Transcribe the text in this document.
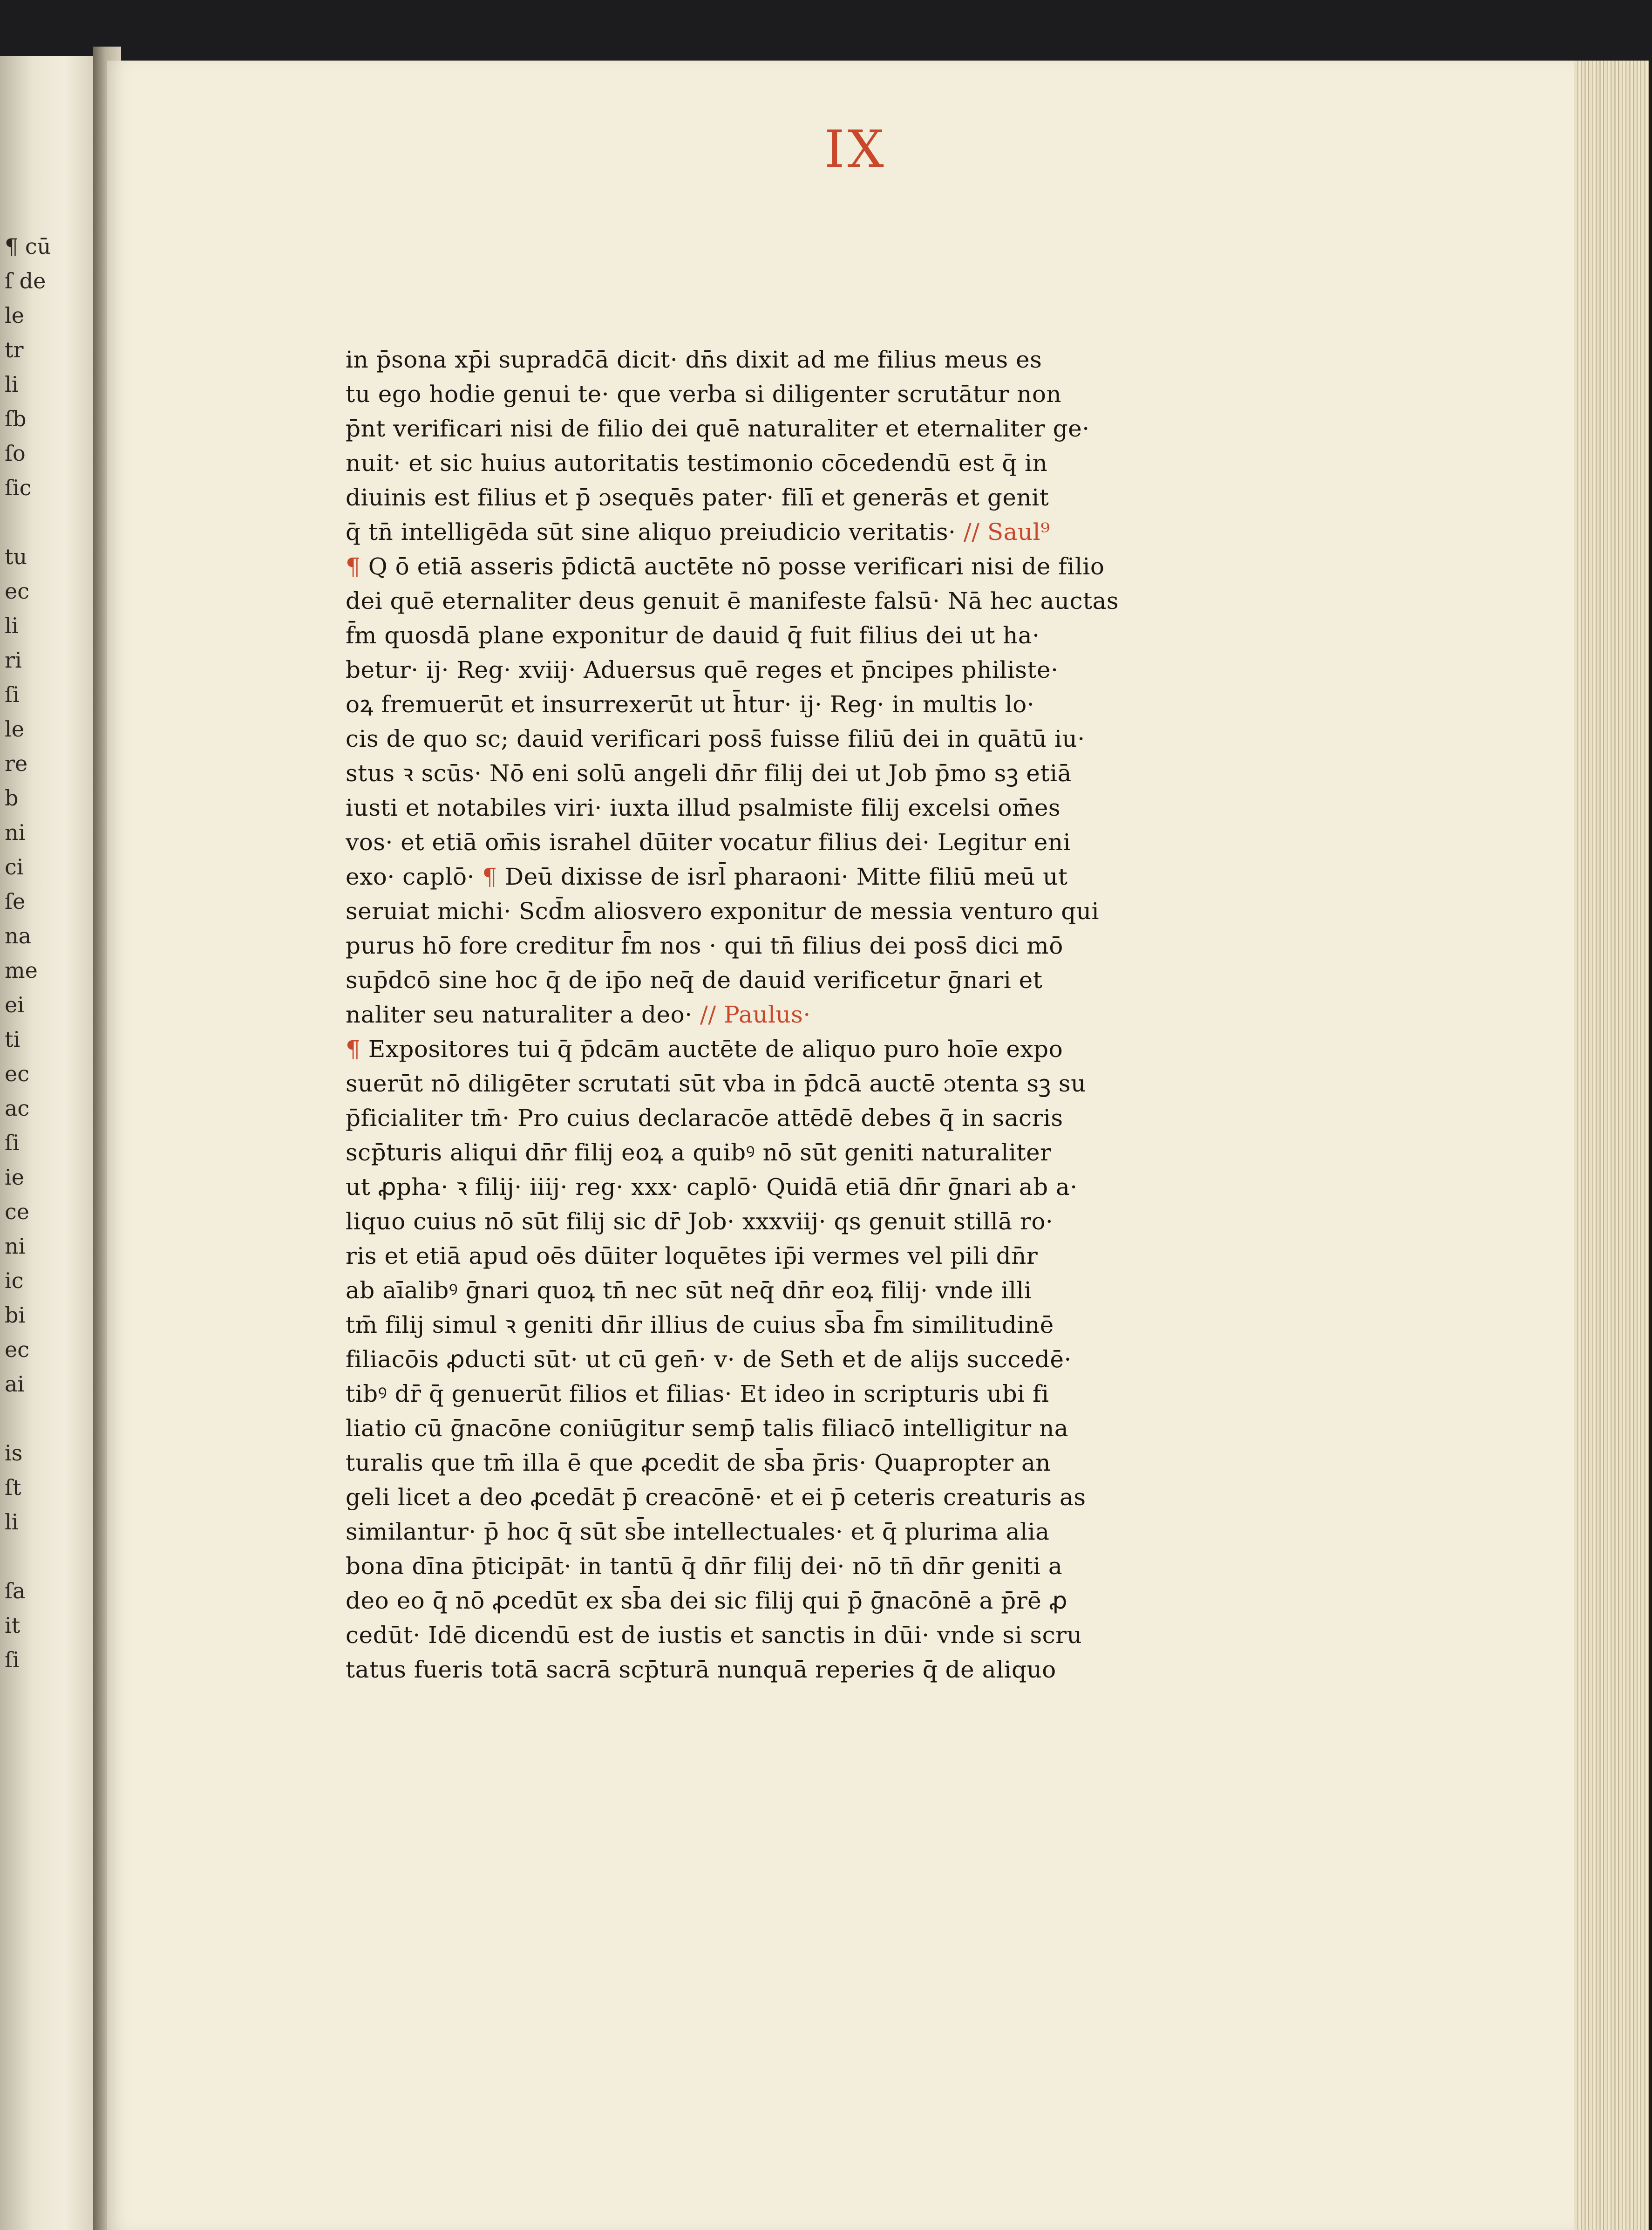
¶ cū
ſ de
le
tr
li
ſb
ſo
ſic
tu
ec
li
ri
ſi
le
re
b
ni
ci
ſe
na
me
ei
ti
ec
ac
ſi
ie
ce
ni
ic
bi
ec
ai
is
ſt
li
ſa
it
ſi
IX
in p̄sona xp̄i supradc̄ā dicit· dn̄s dixit ad me filius meus es
tu ego hodie genui te· que verba si diligenter scrutātur non
p̄nt verificari nisi de filio dei quē naturaliter et eternaliter ge·
nuit· et sic huius autoritatis testimonio cōcedendū est q̄ in
diuinis est filius et p̄ ɔsequēs pater· filī et generās et genit
q̄ tn̄ intelligēda sūt sine aliquo preiudicio veritatis· // Saul⁹
¶ Q ō etiā asseris p̄dictā auctēte nō posse verificari nisi de filio
dei quē eternaliter deus genuit ē manifeste falsū· Nā hec auctas
f̄m quosdā plane exponitur de dauid q̄ fuit filius dei ut ha·
betur· ij· Reg· xviij· Aduersus quē reges et p̄ncipes philiste·
oꝝ fremuerūt et insurrexerūt ut h̄tur· ij· Reg· in multis lo·
cis de quo sc; dauid verificari poss̄ fuisse filiū dei in quātū iu·
stus ꝛ scūs· Nō eni solū angeli dn̄r filij dei ut Job p̄mo sꝫ etiā
iusti et notabiles viri· iuxta illud psalmiste filij excelsi om̄es
vos· et etiā om̄is israhel dūiter vocatur filius dei· Legitur eni
exo· caplō· ¶ Deū dixisse de isrl̄ pharaoni· Mitte filiū meū ut
seruiat michi· Scd̄m aliosvero exponitur de messia venturo qui
purus hō fore creditur f̄m nos · qui tn̄ filius dei poss̄ dici mō
sup̄dcō sine hoc q̄ de ip̄o neq̄ de dauid verificetur ḡnari et
naliter seu naturaliter a deo· // Paulus·
¶ Expositores tui q̄ p̄dcām auctēte de aliquo puro hoīe expo
suerūt nō diligēter scrutati sūt vba in p̄dcā auctē ɔtenta sꝫ su
p̄ficialiter tm̄· Pro cuius declaracōe attēdē debes q̄ in sacris
scp̄turis aliqui dn̄r filij eoꝝ a quibꝰ nō sūt geniti naturaliter
ut ꝓpha· ꝛ filij· iiij· reg· xxx· caplō· Quidā etiā dn̄r ḡnari ab a·
liquo cuius nō sūt filij sic dr̄ Job· xxxviij· qs genuit stillā ro·
ris et etiā apud oēs dūiter loquētes ip̄i vermes vel pili dn̄r
ab aīalibꝰ ḡnari quoꝝ tn̄ nec sūt neq̄ dn̄r eoꝝ filij· vnde illi
tm̄ filij simul ꝛ geniti dn̄r illius de cuius sb̄a f̄m similitudinē
filiacōis ꝓducti sūt· ut cū gen̄· v· de Seth et de alijs succedē·
tibꝰ dr̄ q̄ genuerūt filios et filias· Et ideo in scripturis ubi fi
liatio cū ḡnacōne coniūgitur semp̄ talis filiacō intelligitur na
turalis que tm̄ illa ē que ꝓcedit de sb̄a p̄ris· Quapropter an
geli licet a deo ꝓcedāt p̄ creacōnē· et ei p̄ ceteris creaturis as
similantur· p̄ hoc q̄ sūt sb̄e intellectuales· et q̄ plurima alia
bona dīna p̄ticipāt· in tantū q̄ dn̄r filij dei· nō tn̄ dn̄r geniti a
deo eo q̄ nō ꝓcedūt ex sb̄a dei sic filij qui p̄ ḡnacōnē a p̄rē ꝓ
cedūt· Idē dicendū est de iustis et sanctis in dūi· vnde si scru
tatus fueris totā sacrā scp̄turā nunquā reperies q̄ de aliquo
